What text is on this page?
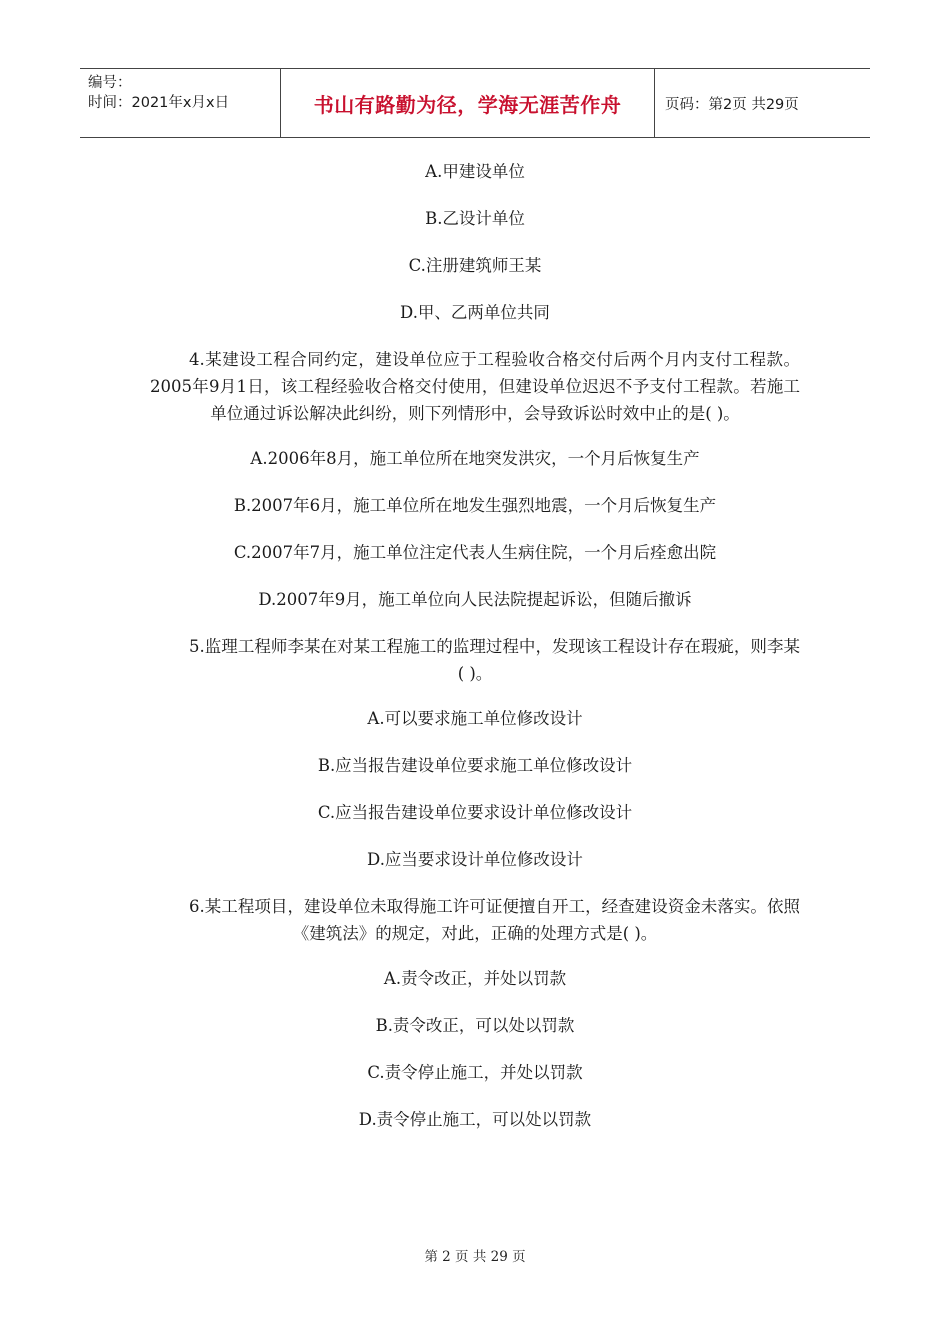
编号：
时间：2021年x月x日	书山有路勤为径，学海无涯苦作舟	页码：第2页 共29页

A.甲建设单位

B.乙设计单位

C.注册建筑师王某

D.甲、乙两单位共同

4.某建设工程合同约定，建设单位应于工程验收合格交付后两个月内支付工程款。2005年9月1日，该工程经验收合格交付使用，但建设单位迟迟不予支付工程款。若施工单位通过诉讼解决此纠纷，则下列情形中，会导致诉讼时效中止的是( )。

A.2006年8月，施工单位所在地突发洪灾，一个月后恢复生产

B.2007年6月，施工单位所在地发生强烈地震，一个月后恢复生产

C.2007年7月，施工单位注定代表人生病住院，一个月后痊愈出院

D.2007年9月，施工单位向人民法院提起诉讼，但随后撤诉

5.监理工程师李某在对某工程施工的监理过程中，发现该工程设计存在瑕疵，则李某( )。

A.可以要求施工单位修改设计

B.应当报告建设单位要求施工单位修改设计

C.应当报告建设单位要求设计单位修改设计

D.应当要求设计单位修改设计

6.某工程项目，建设单位未取得施工许可证便擅自开工，经查建设资金未落实。依照《建筑法》的规定，对此，正确的处理方式是( )。

A.责令改正，并处以罚款

B.责令改正，可以处以罚款

C.责令停止施工，并处以罚款

D.责令停止施工，可以处以罚款

第 2 页 共 29 页
